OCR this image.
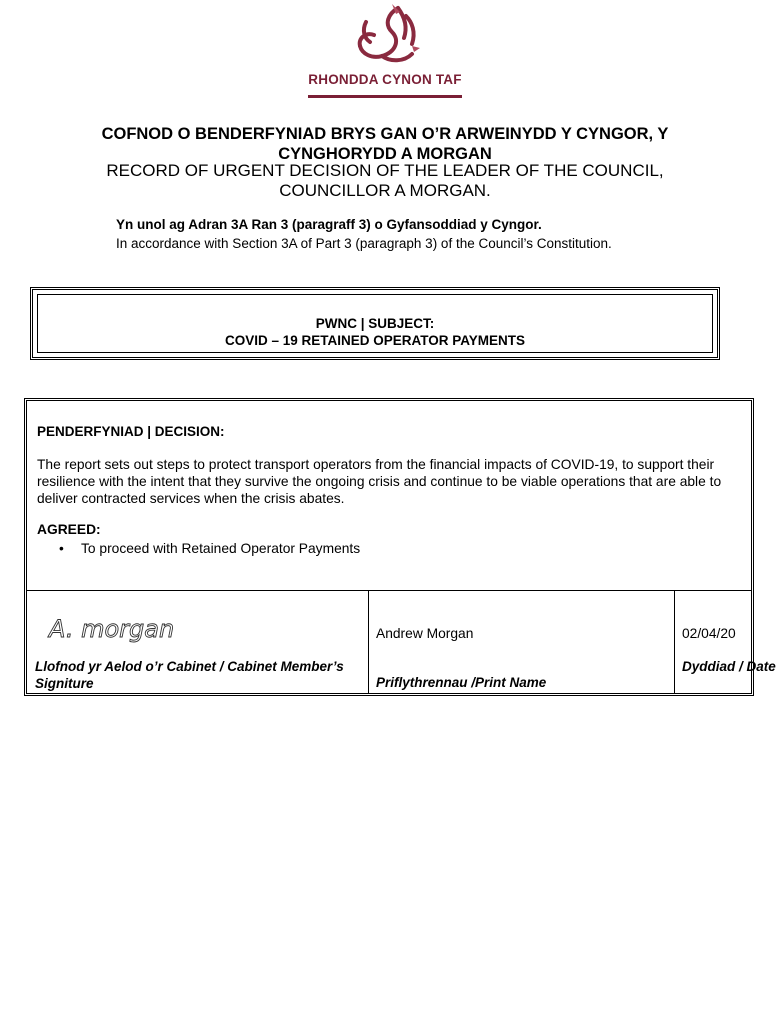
RHONDDA CYNON TAF
COFNOD O BENDERFYNIAD BRYS GAN O’R ARWEINYDD Y CYNGOR, Y CYNGHORYDD A MORGAN
RECORD OF URGENT DECISION OF THE LEADER OF THE COUNCIL, COUNCILLOR A MORGAN.
Yn unol ag Adran 3A Ran 3 (paragraff 3) o Gyfansoddiad y Cyngor.
In accordance with Section 3A of Part 3 (paragraph 3) of the Council’s Constitution.
PWNC | SUBJECT:
COVID – 19 RETAINED OPERATOR PAYMENTS
PENDERFYNIAD | DECISION:
The report sets out steps to protect transport operators from the financial impacts of COVID-19, to support their resilience with the intent that they survive the ongoing crisis and continue to be viable operations that are able to deliver contracted services when the crisis abates.
AGREED:
• To proceed with Retained Operator Payments
A. morgan
Llofnod yr Aelod o’r Cabinet / Cabinet Member’s Signiture
Andrew Morgan
Priflythrennau /Print Name
02/04/20
Dyddiad / Date
